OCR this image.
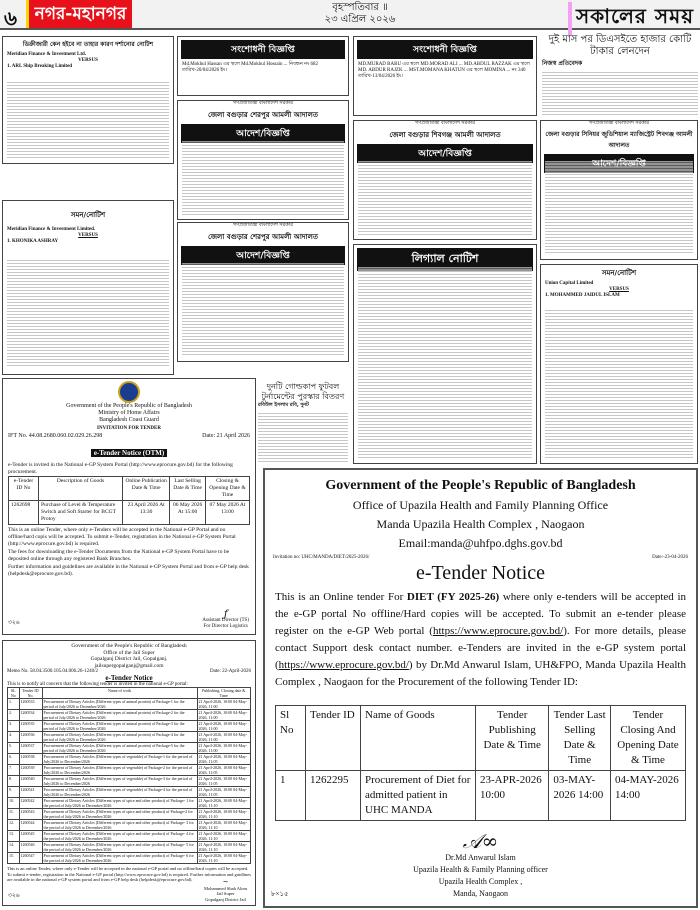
৬	নগর-মহানগর	বৃহস্পতিবার ॥
২৩ এপ্রিল ২০২৬	সকালের সময়
ডিক্রীজারী কেন হইবে না তাহার কারণ দর্শানোর নোটিশ
Meridian Finance & Investment Ltd.
VERSUS
1. ARL Ship Breaking Limited
সমন/নোটিশ
Meridian Finance & Investment Limited.
VERSUS
1. KHONIKA ASHRAY
সংশোধনী বিজ্ঞপ্তি
Md.Mokhul Hassan এর স্থলে Md.Mokhul Hossain ... নিবন্ধন নং 682 তারিখ-20/04/2026 ইং।
সংশোধনী বিজ্ঞপ্তি
MD.MURAD BABU এর স্থলে MD.MORAD ALI ... MD.ABDUL RAZZAK এর স্থলে MD. ABDUR RAJZK ... MST.MOMANA KHATUN এর স্থলে MOMINA ... নং 340 তারিখ-13/04/2026 ইং।
গণপ্রজাতন্ত্রী বাংলাদেশ সরকার
জেলা বগুড়ার শেরপুর আমলী আদালত
আদেশ/বিজ্ঞপ্তি
গণপ্রজাতন্ত্রী বাংলাদেশ সরকার
জেলা বগুড়ার শেরপুর আমলী আদালত
আদেশ/বিজ্ঞপ্তি
গণপ্রজাতন্ত্রী বাংলাদেশ সরকার
জেলা বগুড়ার শিবগঞ্জ আমলী আদালত
আদেশ/বিজ্ঞপ্তি
গণপ্রজাতন্ত্রী বাংলাদেশ সরকার
জেলা বগুড়ার সিনিয়র জুডিশিয়াল ম্যাজিস্ট্রেট শিবগঞ্জ আমলী আদালত
লিগ্যাল নোটিশ
সমন/নোটিশ
Union Capital Limited
VERSUS
1. MOHAMMED JAIDUL ISLAM
দুই মাস পর ডিএসইতে হাজার কোটি টাকার লেনদেন
নিজস্ব প্রতিবেদক
দুনটি গোল্ডকাপ ফুটবল টুর্নামেন্টের পুরস্কার বিতরণ
রবিউল ইসলাম রবি, দুনট
Government of the People's Republic of Bangladesh
Ministry of Home Affairs
Bangladesh Coast Guard
INVITATION FOR TENDER
IFT No. 44.08.2680.060.02.029.26.298	Date: 21 April 2026
e-Tender Notice (OTM)
e-Tender is invited in the National e-GP System Portal (http://www.eprocure.gov.bd) for the following procurement.
e-Tender ID No	Description of Goods	Online Publication Date & Time	Last Selling Date & Time	Closing & Opening Date & Time
1262698	Purchase of Level & Temperature Switch and Soft Starter for BCGT Protoy	23 April 2026 At 13:30	06 May 2026 At 15:00	07 May 2026 At 13:00
This is an online Tender, where only e-Tenders will be accepted in the National e-GP Portal and no offline/hard copis will be accepted. To submit e-Tender, registration in the National e-GP System Portal (http://www.eprocure.gov.bd) is required.
The fees for downloading the e-Tender Documents from the National e-GP System Portal have to be deposited online through any registered Bank Branches.
Further information and guidelines are available in the National e-GP System Portal and from e-GP help desk (helpdesk@eprocure.gov.bd).
৩২৬
ƒ
Assistant Director (TS)
For Director Logistics
Government of the People's Republic of Bangladesh
Office of the Jail Super
Gopalganj District Jail, Gopalganj.
jailsupergopalganj@gmail.com
Memo No. 58.04.3500.105.04.006.26-1240/2	Date: 22-April-2026
e-Tender Notice
This is to notify all concern that the following tender is invited in the national e-GP portal:
SL No	Tender ID No.	Name of work	Publishing, Closing date & Time
1.	1260533	Procurement of Dietary Articles (Different types of animal protein) of Package-1 for the period of July/2026 to December/2026	21 April-2026, 10:00 04-May-2026, 11:00
2.	1260534	Procurement of Dietary Articles (Different types of animal protein) of Package-2 for the period of July/2026 to December/2026	21 April-2026, 10:00 04-May-2026, 11:00
3.	1260535	Procurement of Dietary Articles (Different types of animal protein) of Package-3 for the period of July/2026 to December/2026	21 April-2026, 10:00 04-May-2026, 11:00
4.	1260536	Procurement of Dietary Articles (Different types of animal protein) of Package-4 for the period of July/2026 to December/2026	21 April-2026, 10:00 04-May-2026, 11:00
5.	1260537	Procurement of Dietary Articles (Different types of animal protein) of Package-5 for the period of July/2026 to December/2026	21 April-2026, 10:00 04-May-2026, 11:00
6.	1260538	Procurement of Dietary Articles (Different types of vegetable) of Package-1 for the period of July/2026 to December/2026	21 April-2026, 10:00 04-May-2026, 11:05
7.	1260539	Procurement of Dietary Articles (Different types of vegetable) of Package-2 for the period of July/2026 to December/2026	21 April-2026, 10:00 04-May-2026, 11:05
8.	1260540	Procurement of Dietary Articles (Different types of vegetable) of Package-3 for the period of July/2026 to December/2026	21 April-2026, 10:00 04-May-2026, 11:05
9.	1260541	Procurement of Dietary Articles (Different types of vegetable) of Package-4 for the period of July/2026 to December/2026	21 April-2026, 10:00 04-May-2026, 11:05
10.	1260542	Procurement of Dietary Articles (Different types of spice and other product) of Package- 1 for the period of July/2026 to December/2026	21 April-2026, 10:00 04-May-2026, 11:10
11.	1260543	Procurement of Dietary Articles (Different types of spice and other product) of Package-2 for the period of July/2026 to December/2026	21 April-2026, 10:00 04-May-2026, 11:10
12.	1260544	Procurement of Dietary Articles (Different types of spice and other product) of Package- 3 for the period of July/2026 to December/2026	21 April-2026, 10:00 04-May-2026, 11:10
13.	1260545	Procurement of Dietary Articles (Different types of spice and other product) of Package- 4 for the period of July/2026 to December/2026	21 April-2026, 10:00 04-May-2026, 11:10
14.	1260546	Procurement of Dietary Articles (Different types of spice and other product) of Package- 5 for the period of July/2026 to December/2026	21 April-2026, 10:00 04-May-2026, 11:10
15.	1260547	Procurement of Dietary Articles (Different types of spice and other product) of Package- 6 for the period of July/2026 to December/2026	21 April-2026, 10:00 04-May-2026, 11:10
This is an online Tender, where only e-Tender will be accepted in the national e-GP portal and no offline/hard copies will be accepted. To submit e-tender, registration in the National e-GP portal (http://www.eprocure.gov.bd) is required. Further information and guidlines are available in the national e-GP system portal and from e-GP help desk (helpdesk@eprocure.gov.bd).
৩২৬
~
Mohammed Shah Alom
Jail Super
Gopalganj District Jail
Government of the People's Republic of Bangladesh
Office of Upazila Health and Family Planning Office
Manda Upazila Health Complex , Naogaon
Email:manda@uhfpo.dghs.gov.bd
Invitation no: UHC/MANDA/DIET/2025-2026/	Date:-23-04-2026
e-Tender Notice

This is an Online tender For DIET (FY 2025-26) where only e-tenders will be accepted in the e-GP portal No offline/Hard copies will be accepted. To submit an e-tender please register on the e-GP Web portal (https://www.eprocure.gov.bd/). For more details, please contact Support desk contact number. e-Tenders are invited in the e-GP system portal (https://www.eprocure.gov.bd/) by Dr.Md Anwarul Islam, UH&FPO, Manda Upazila Health Complex , Naogaon for the Procurement of the following Tender ID:

Sl No	Tender ID	Name of Goods	Tender Publishing Date & Time	Tender Last Selling Date & Time	Tender Closing And Opening Date & Time
1	1262295	Procurement of Diet for admitted patient in UHC MANDA	23-APR-2026 10:00	03-MAY-2026 14:00	04-MAY-2026 14:00
𝒜∞
Dr.Md Anwarul Islam
Upazila Health & Family Planning officer
Upazila Health Complex ,
Manda, Naogaon
৮×১৫
